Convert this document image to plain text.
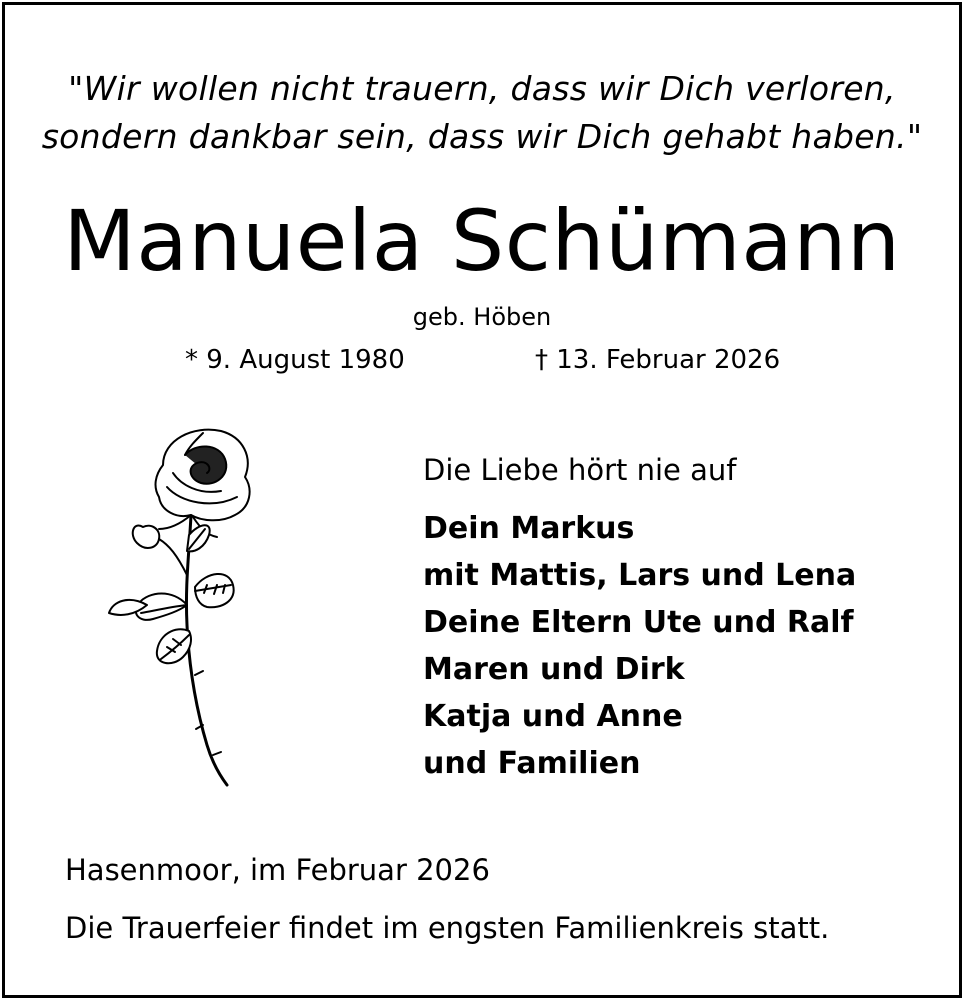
"Wir wollen nicht trauern, dass wir Dich verloren,
sondern dankbar sein, dass wir Dich gehabt haben."
Manuela Schümann
geb. Höben
* 9. August 1980	† 13. Februar 2026
Die Liebe hört nie auf
Dein Markus
mit Mattis, Lars und Lena
Deine Eltern Ute und Ralf
Maren und Dirk
Katja und Anne
und Familien
Hasenmoor, im Februar 2026
Die Trauerfeier findet im engsten Familienkreis statt.
